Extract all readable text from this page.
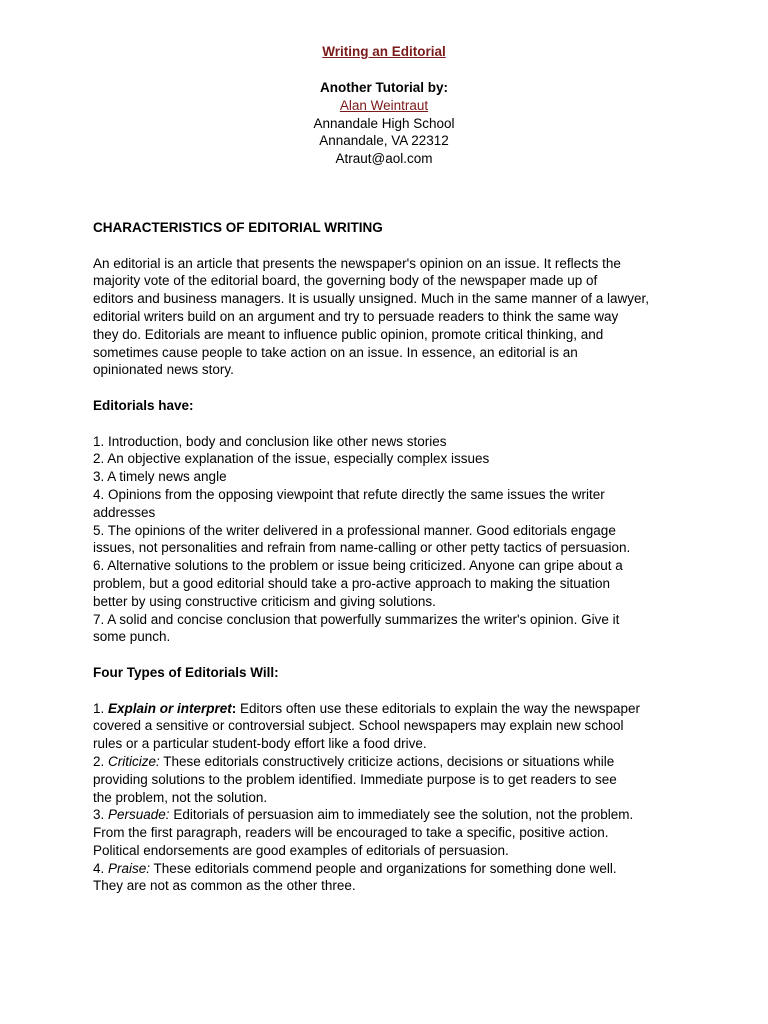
Writing an Editorial
Another Tutorial by:
Alan Weintraut
Annandale High School
Annandale, VA 22312
Atraut@aol.com
CHARACTERISTICS OF EDITORIAL WRITING
An editorial is an article that presents the newspaper's opinion on an issue. It reflects the
majority vote of the editorial board, the governing body of the newspaper made up of
editors and business managers. It is usually unsigned. Much in the same manner of a lawyer,
editorial writers build on an argument and try to persuade readers to think the same way
they do. Editorials are meant to influence public opinion, promote critical thinking, and
sometimes cause people to take action on an issue. In essence, an editorial is an
opinionated news story.
Editorials have:
1. Introduction, body and conclusion like other news stories
2. An objective explanation of the issue, especially complex issues
3. A timely news angle
4. Opinions from the opposing viewpoint that refute directly the same issues the writer
addresses
5. The opinions of the writer delivered in a professional manner. Good editorials engage
issues, not personalities and refrain from name-calling or other petty tactics of persuasion.
6. Alternative solutions to the problem or issue being criticized. Anyone can gripe about a
problem, but a good editorial should take a pro-active approach to making the situation
better by using constructive criticism and giving solutions.
7. A solid and concise conclusion that powerfully summarizes the writer's opinion. Give it
some punch.
Four Types of Editorials Will:
1. Explain or interpret: Editors often use these editorials to explain the way the newspaper
covered a sensitive or controversial subject. School newspapers may explain new school
rules or a particular student-body effort like a food drive.
2. Criticize: These editorials constructively criticize actions, decisions or situations while
providing solutions to the problem identified. Immediate purpose is to get readers to see
the problem, not the solution.
3. Persuade: Editorials of persuasion aim to immediately see the solution, not the problem.
From the first paragraph, readers will be encouraged to take a specific, positive action.
Political endorsements are good examples of editorials of persuasion.
4. Praise: These editorials commend people and organizations for something done well.
They are not as common as the other three.
